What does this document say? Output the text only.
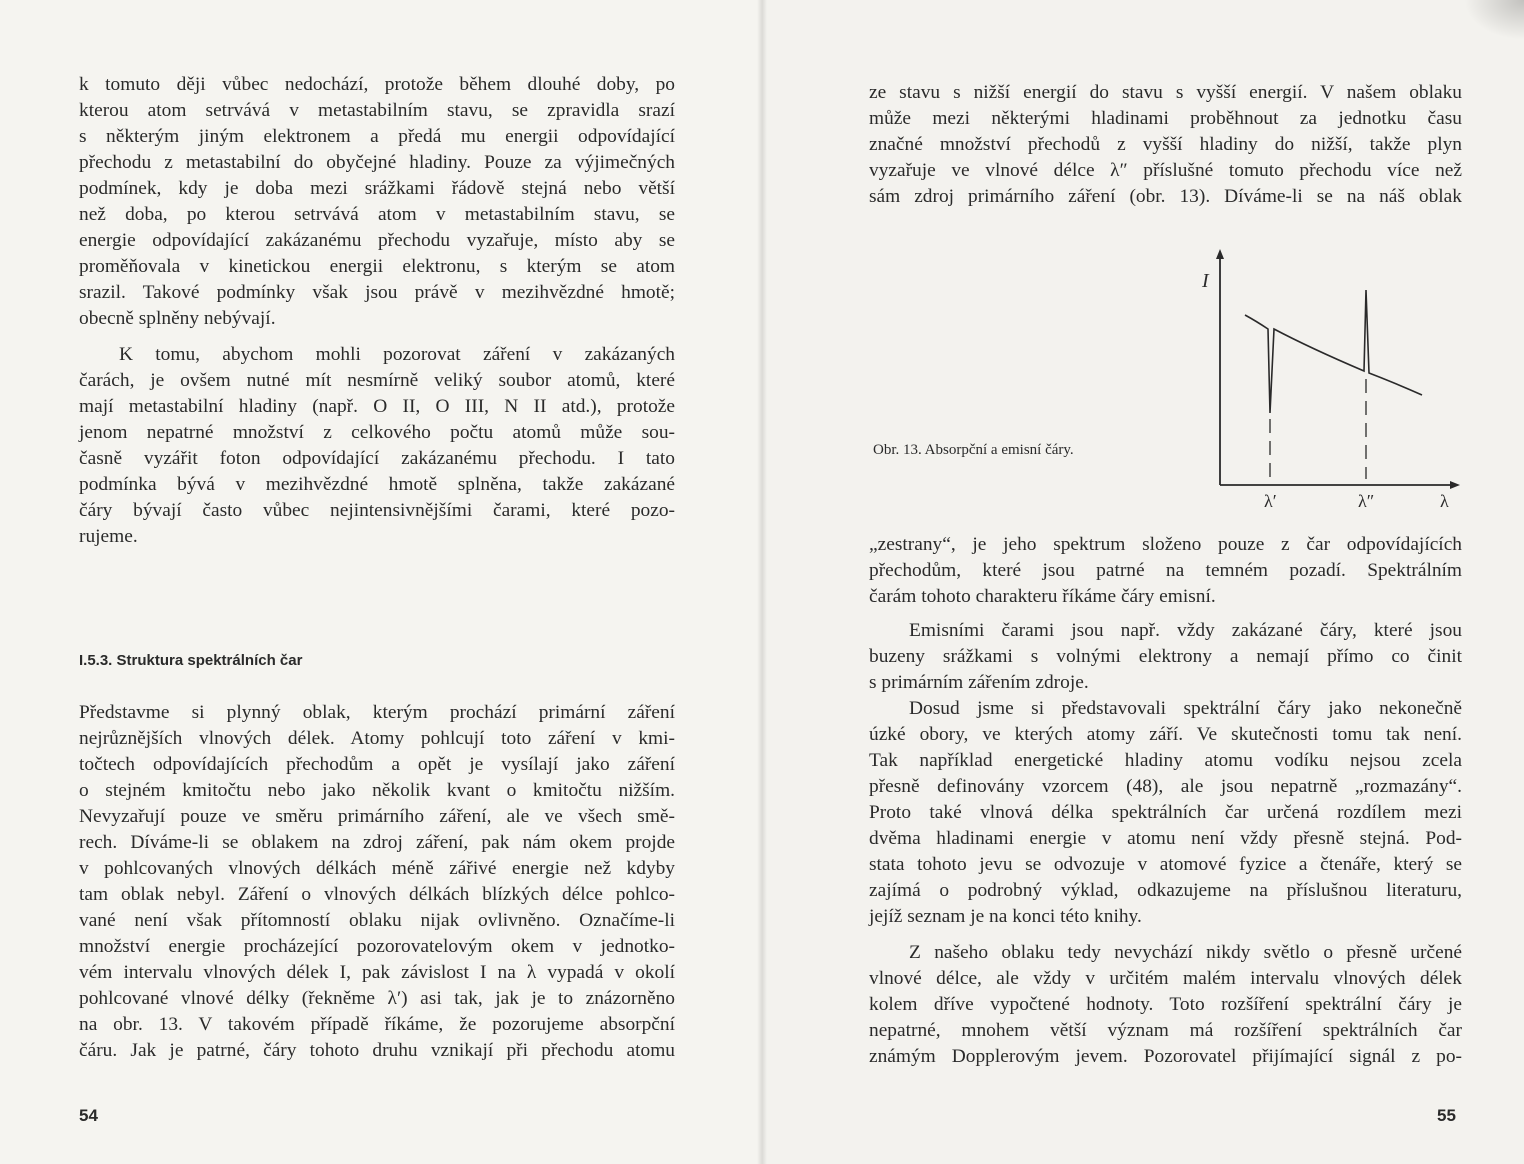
k tomuto ději vůbec nedochází, protože během dlouhé doby, po

kterou atom setrvává v metastabilním stavu, se zpravidla srazí

s některým jiným elektronem a předá mu energii odpovídající

přechodu z metastabilní do obyčejné hladiny. Pouze za výjimečných

podmínek, kdy je doba mezi srážkami řádově stejná nebo větší

než doba, po kterou setrvává atom v metastabilním stavu, se

energie odpovídající zakázanému přechodu vyzařuje, místo aby se

proměňovala v kinetickou energii elektronu, s kterým se atom

srazil. Takové podmínky však jsou právě v mezihvězdné hmotě;

obecně splněny nebývají.

K tomu, abychom mohli pozorovat záření v zakázaných

čarách, je ovšem nutné mít nesmírně veliký soubor atomů, které

mají metastabilní hladiny (např. O II, O III, N II atd.), protože

jenom nepatrné množství z celkového počtu atomů může sou-

časně vyzářit foton odpovídající zakázanému přechodu. I tato

podmínka bývá v mezihvězdné hmotě splněna, takže zakázané

čáry bývají často vůbec nejintensivnějšími čarami, které pozo-

rujeme.

I.5.3. Struktura spektrálních čar

Představme si plynný oblak, kterým prochází primární záření

nejrůznějších vlnových délek. Atomy pohlcují toto záření v kmi-

točtech odpovídajících přechodům a opět je vysílají jako záření

o stejném kmitočtu nebo jako několik kvant o kmitočtu nižším.

Nevyzařují pouze ve směru primárního záření, ale ve všech smě-

rech. Díváme-li se oblakem na zdroj záření, pak nám okem projde

v pohlcovaných vlnových délkách méně zářivé energie než kdyby

tam oblak nebyl. Záření o vlnových délkách blízkých délce pohlco-

vané není však přítomností oblaku nijak ovlivněno. Označíme-li

množství energie procházející pozorovatelovým okem v jednotko-

vém intervalu vlnových délek I, pak závislost I na λ vypadá v okolí

pohlcované vlnové délky (řekněme λ′) asi tak, jak je to znázorněno

na obr. 13. V takovém případě říkáme, že pozorujeme absorpční

čáru. Jak je patrné, čáry tohoto druhu vznikají při přechodu atomu

54

ze stavu s nižší energií do stavu s vyšší energií. V našem oblaku

může mezi některými hladinami proběhnout za jednotku času

značné množství přechodů z vyšší hladiny do nižší, takže plyn

vyzařuje ve vlnové délce λ″ příslušné tomuto přechodu více než

sám zdroj primárního záření (obr. 13). Díváme-li se na náš oblak

I
λ′	λ″	λ
Obr. 13. Absorpční a emisní čáry.

„zestrany“, je jeho spektrum složeno pouze z čar odpovídajících

přechodům, které jsou patrné na temném pozadí. Spektrálním

čarám tohoto charakteru říkáme čáry emisní.

Emisními čarami jsou např. vždy zakázané čáry, které jsou

buzeny srážkami s volnými elektrony a nemají přímo co činit

s primárním zářením zdroje.

Dosud jsme si představovali spektrální čáry jako nekonečně

úzké obory, ve kterých atomy září. Ve skutečnosti tomu tak není.

Tak například energetické hladiny atomu vodíku nejsou zcela

přesně definovány vzorcem (48), ale jsou nepatrně „rozmazány“.

Proto také vlnová délka spektrálních čar určená rozdílem mezi

dvěma hladinami energie v atomu není vždy přesně stejná. Pod-

stata tohoto jevu se odvozuje v atomové fyzice a čtenáře, který se

zajímá o podrobný výklad, odkazujeme na příslušnou literaturu,

jejíž seznam je na konci této knihy.

Z našeho oblaku tedy nevychází nikdy světlo o přesně určené

vlnové délce, ale vždy v určitém malém intervalu vlnových délek

kolem dříve vypočtené hodnoty. Toto rozšíření spektrální čáry je

nepatrné, mnohem větší význam má rozšíření spektrálních čar

známým Dopplerovým jevem. Pozorovatel přijímající signál z po-

55
